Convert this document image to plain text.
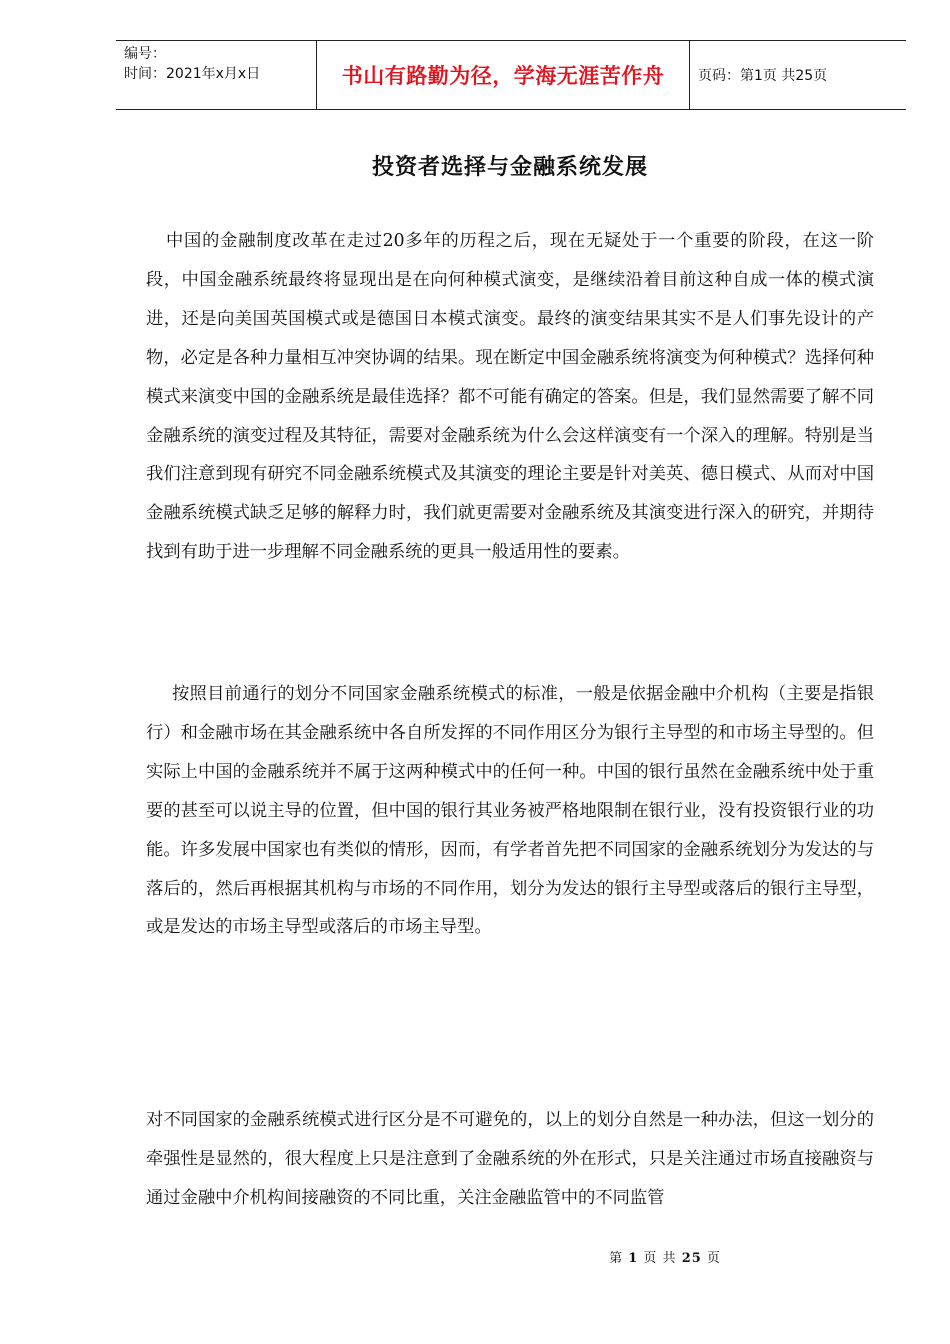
编号：
时间：2021年x月x日	书山有路勤为径，学海无涯苦作舟 页码：第1页 共25页
投资者选择与金融系统发展

中国的金融制度改革在走过20多年的历程之后，现在无疑处于一个重要的阶段，在这一阶段，中国金融系统最终将显现出是在向何种模式演变，是继续沿着目前这种自成一体的模式演进，还是向美国英国模式或是德国日本模式演变。最终的演变结果其实不是人们事先设计的产物，必定是各种力量相互冲突协调的结果。现在断定中国金融系统将演变为何种模式？选择何种模式来演变中国的金融系统是最佳选择？都不可能有确定的答案。但是，我们显然需要了解不同金融系统的演变过程及其特征，需要对金融系统为什么会这样演变有一个深入的理解。特别是当我们注意到现有研究不同金融系统模式及其演变的理论主要是针对美英、德日模式、从而对中国金融系统模式缺乏足够的解释力时，我们就更需要对金融系统及其演变进行深入的研究，并期待找到有助于进一步理解不同金融系统的更具一般适用性的要素。

按照目前通行的划分不同国家金融系统模式的标准，一般是依据金融中介机构（主要是指银行）和金融市场在其金融系统中各自所发挥的不同作用区分为银行主导型的和市场主导型的。但实际上中国的金融系统并不属于这两种模式中的任何一种。中国的银行虽然在金融系统中处于重要的甚至可以说主导的位置，但中国的银行其业务被严格地限制在银行业，没有投资银行业的功能。许多发展中国家也有类似的情形，因而，有学者首先把不同国家的金融系统划分为发达的与落后的，然后再根据其机构与市场的不同作用，划分为发达的银行主导型或落后的银行主导型，或是发达的市场主导型或落后的市场主导型。

对不同国家的金融系统模式进行区分是不可避免的，以上的划分自然是一种办法，但这一划分的牵强性是显然的，很大程度上只是注意到了金融系统的外在形式，只是关注通过市场直接融资与通过金融中介机构间接融资的不同比重，关注金融监管中的不同监管

第 1 页 共 25 页
